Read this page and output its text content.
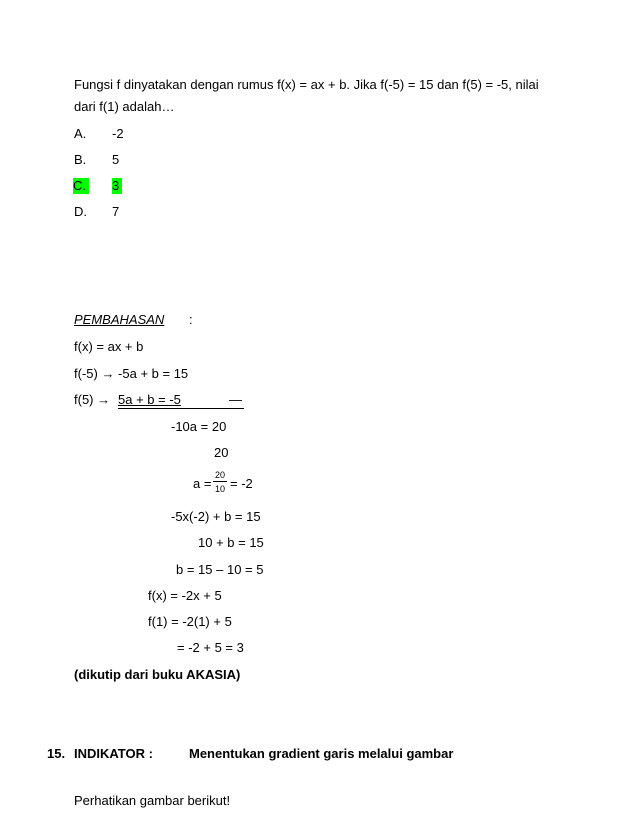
Fungsi f dinyatakan dengan rumus f(x) = ax + b. Jika f(-5) = 15 dan f(5) = -5, nilai
dari f(1) adalah…
A. -2
B. 5
C. 3
D. 7
PEMBAHASAN :
f(x) = ax + b
f(-5) → -5a + b = 15
f(5) → 5a + b = -5	—
-10a = 20
20
a =
20
10 = -2
-5x(-2) + b = 15
10 + b = 15
b = 15 – 10 = 5
f(x) = -2x + 5
f(1) = -2(1) + 5
= -2 + 5 = 3
(dikutip dari buku AKASIA)
15. INDIKATOR :	Menentukan gradient garis melalui gambar
Perhatikan gambar berikut!
